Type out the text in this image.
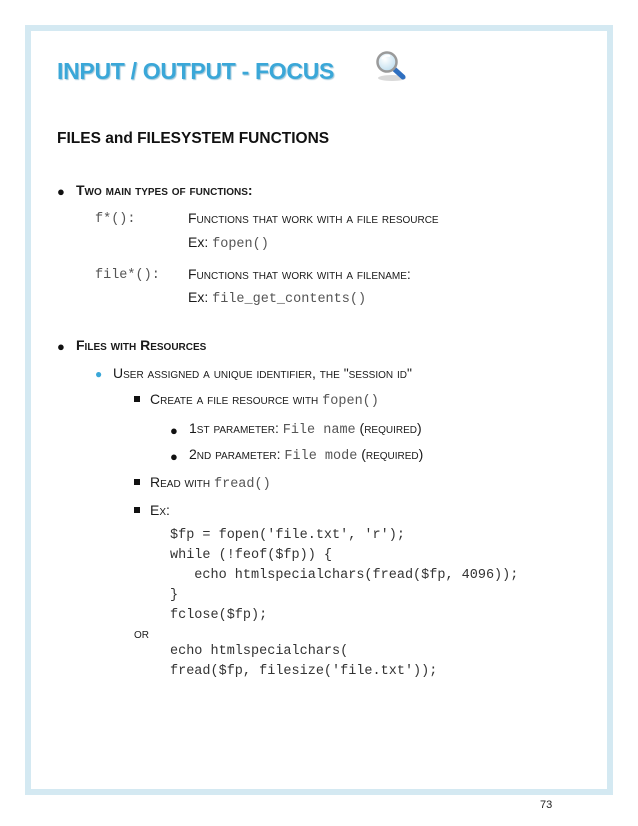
INPUT / OUTPUT - FOCUS
FILES and FILESYSTEM FUNCTIONS
● Two main types of functions:
f*():	Functions that work with a file resource
Ex: fopen()
file*(): Functions that work with a filename:
Ex: file_get_contents()
● Files with Resources
● User assigned a unique identifier, the "session id"
Create a file resource with fopen()
● 1st parameter: File name (required)
● 2nd parameter: File mode (required)
Read with fread()
Ex:
$fp = fopen('file.txt', 'r');
while (!feof($fp)) {
echo htmlspecialchars(fread($fp, 4096));
}
fclose($fp);
or
echo htmlspecialchars(
fread($fp, filesize('file.txt'));
73
